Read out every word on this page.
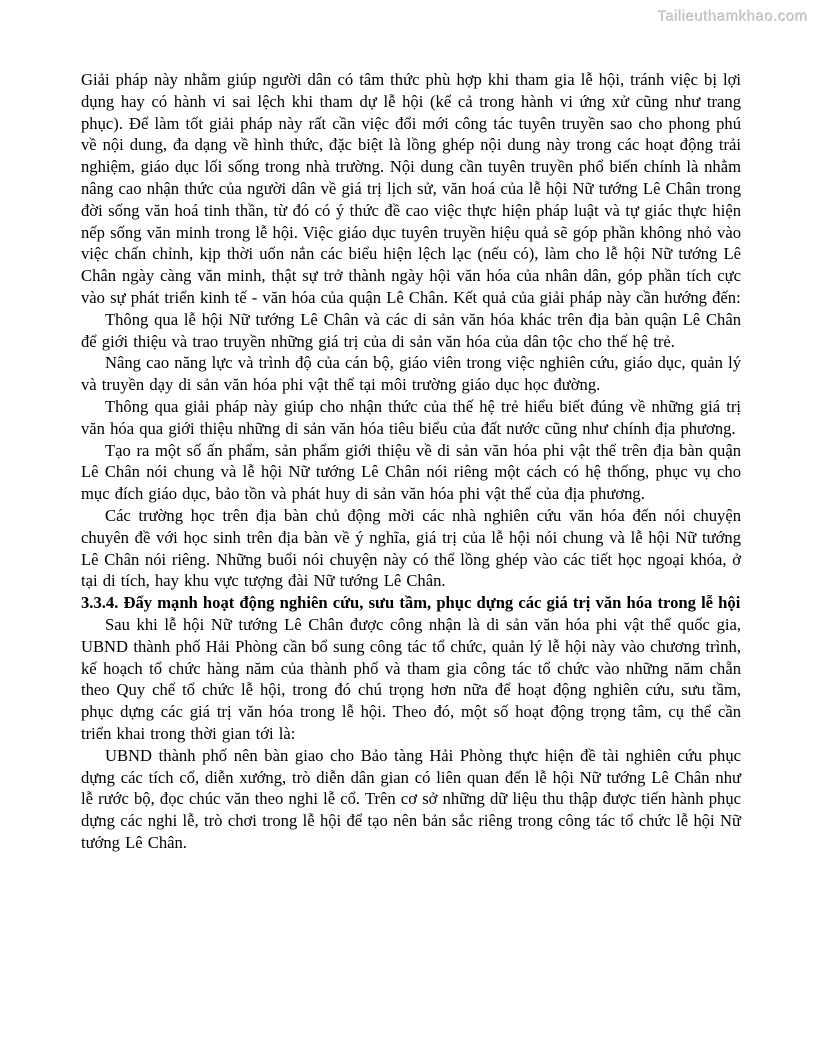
Tailieuthamkhao.com

Giải pháp này nhằm giúp người dân có tâm thức phù hợp khi tham gia lễ hội, tránh việc bị lợi dụng hay có hành vi sai lệch khi tham dự lễ hội (kể cả trong hành vi ứng xử cũng như trang phục). Để làm tốt giải pháp này rất cần việc đổi mới công tác tuyên truyền sao cho phong phú về nội dung, đa dạng về hình thức, đặc biệt là lồng ghép nội dung này trong các hoạt động trải nghiệm, giáo dục lối sống trong nhà trường. Nội dung cần tuyên truyền phổ biến chính là nhằm nâng cao nhận thức của người dân về giá trị lịch sử, văn hoá của lễ hội Nữ tướng Lê Chân trong đời sống văn hoá tinh thần, từ đó có ý thức đề cao việc thực hiện pháp luật và tự giác thực hiện nếp sống văn minh trong lễ hội. Việc giáo dục tuyên truyền hiệu quả sẽ góp phần không nhỏ vào việc chấn chỉnh, kịp thời uốn nắn các biểu hiện lệch lạc (nếu có), làm cho lễ hội Nữ tướng Lê Chân ngày càng văn minh, thật sự trở thành ngày hội văn hóa của nhân dân, góp phần tích cực vào sự phát triển kinh tế - văn hóa của quận Lê Chân. Kết quả của giải pháp này cần hướng đến:

Thông qua lễ hội Nữ tướng Lê Chân và các di sản văn hóa khác trên địa bàn quận Lê Chân để giới thiệu và trao truyền những giá trị của di sản văn hóa của dân tộc cho thế hệ trẻ.

Nâng cao năng lực và trình độ của cán bộ, giáo viên trong việc nghiên cứu, giáo dục, quản lý và truyền dạy di sản văn hóa phi vật thể tại môi trường giáo dục học đường.

Thông qua giải pháp này giúp cho nhận thức của thế hệ trẻ hiểu biết đúng về những giá trị văn hóa qua giới thiệu những di sản văn hóa tiêu biểu của đất nước cũng như chính địa phương.

Tạo ra một số ấn phẩm, sản phẩm giới thiệu về di sản văn hóa phi vật thể trên địa bàn quận Lê Chân nói chung và lễ hội Nữ tướng Lê Chân nói riêng một cách có hệ thống, phục vụ cho mục đích giáo dục, bảo tồn và phát huy di sản văn hóa phi vật thể của địa phương.

Các trường học trên địa bàn chủ động mời các nhà nghiên cứu văn hóa đến nói chuyện chuyên đề với học sinh trên địa bàn về ý nghĩa, giá trị của lễ hội nói chung và lễ hội Nữ tướng Lê Chân nói riêng. Những buổi nói chuyện này có thể lồng ghép vào các tiết học ngoại khóa, ở tại di tích, hay khu vực tượng đài Nữ tướng Lê Chân.

3.3.4. Đẩy mạnh hoạt động nghiên cứu, sưu tầm, phục dựng các giá trị văn hóa trong lễ hội

Sau khi lễ hội Nữ tướng Lê Chân được công nhận là di sản văn hóa phi vật thể quốc gia, UBND thành phố Hải Phòng cần bổ sung công tác tổ chức, quản lý lễ hội này vào chương trình, kế hoạch tổ chức hàng năm của thành phố và tham gia công tác tổ chức vào những năm chẵn theo Quy chế tổ chức lễ hội, trong đó chú trọng hơn nữa để hoạt động nghiên cứu, sưu tầm, phục dựng các giá trị văn hóa trong lễ hội. Theo đó, một số hoạt động trọng tâm, cụ thể cần triển khai trong thời gian tới là:

UBND thành phố nên bàn giao cho Bảo tàng Hải Phòng thực hiện đề tài nghiên cứu phục dựng các tích cổ, diễn xướng, trò diễn dân gian có liên quan đến lễ hội Nữ tướng Lê Chân như lễ rước bộ, đọc chúc văn theo nghi lễ cổ. Trên cơ sở những dữ liệu thu thập được tiến hành phục dựng các nghi lễ, trò chơi trong lễ hội để tạo nên bản sắc riêng trong công tác tổ chức lễ hội Nữ tướng Lê Chân.
